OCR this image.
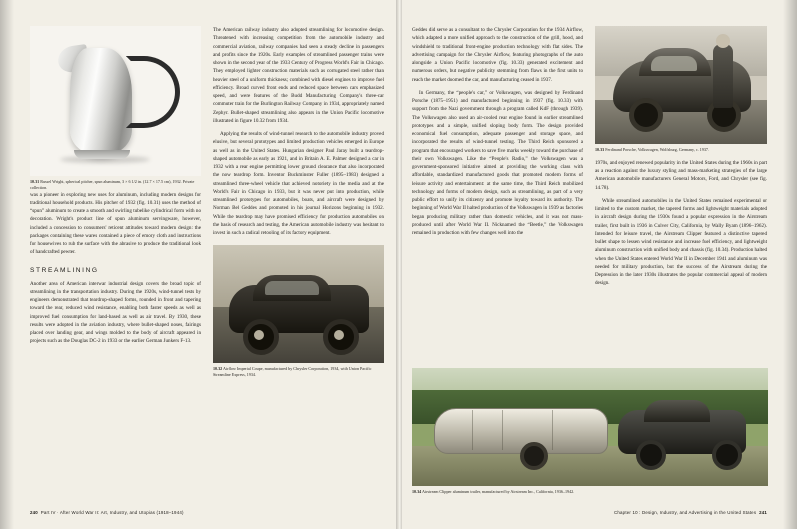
10.31 Russel Wright, spherical pitcher, spun aluminum, 3 × 6 1/2 in. (12.7 × 17.5 cm), 1932. Private collection.

was a pioneer in exploring new uses for aluminum, including modern designs for traditional household products. His pitcher of 1932 (fig. 10.31) uses the method of “spun” aluminum to create a smooth and swirling tubelike cylindrical form with no decoration. Wright's product line of spun aluminum servingware, however, included a concession to consumers' reticent attitudes toward modern design: the packages containing these wares contained a piece of emory cloth and instructions for housewives to rub the surface with the abrasive to produce the traditional look of handcrafted pewter.

STREAMLINING

Another area of American interwar industrial design covers the broad topic of streamlining in the transportation industry. During the 1920s, wind-tunnel tests by engineers demonstrated that teardrop-shaped forms, rounded in front and tapering toward the rear, reduced wind resistance, enabling both faster speeds as well as improved fuel consumption for land-based as well as air travel. By 1930, these results were adopted in the aviation industry, where bullet-shaped noses, fairings placed over landing gear, and wings molded to the body of aircraft appeared in projects such as the Douglas DC-2 in 1933 or the earlier German Junkers F-13.

The American railway industry also adopted streamlining for locomotive design. Threatened with increasing competition from the automobile industry and commercial aviation, railway companies had seen a steady decline in passengers and profits since the 1920s. Early examples of streamlined passenger trains were shown in the second year of the 1933 Century of Progress World's Fair in Chicago. They employed lighter construction materials such as corrugated steel rather than heavier steel of a uniform thickness; combined with diesel engines to improve fuel efficiency. Broad curved front ends and reduced space between cars emphasized speed, and were features of the Budd Manufacturing Company's three-car commuter train for the Burlington Railway Company in 1934, appropriately named Zephyr. Bullet-shaped streamlining also appears in the Union Pacific locomotive illustrated in figure 10.32 from 1934.

Applying the results of wind-tunnel research to the automobile industry proved elusive, but several prototypes and limited production vehicles emerged in Europe as well as in the United States. Hungarian designer Paul Jaray built a teardrop-shaped automobile as early as 1921, and in Britain A. E. Palmer designed a car in 1932 with a rear engine permitting lower ground clearance that also incorporated the now teardrop form. Inventor Buckminster Fuller (1895–1983) designed a streamlined three-wheel vehicle that achieved notoriety in the media and at the World's Fair in Chicago in 1933, but it was never put into production, while streamlined prototypes for automobiles, boats, and aircraft were designed by Norman Bel Geddes and promoted in his journal Horizons beginning in 1932. While the teardrop may have promised efficiency for production automobiles on the basis of research and testing, the American automobile industry was hesitant to invest in such a radical retooling of its factory equipment.

10.32 Airflow Imperial Coupe, manufactured by Chrysler Corporation, 1934, with Union Pacific Streamline Express, 1934.

240 Part IV · After World War II: Art, Industry, and Utopias (1918–1944)

Geddes did serve as a consultant to the Chrysler Corporation for the 1934 Airflow, which adapted a more unified approach to the construction of the grill, hood, and windshield to traditional front-engine production technology with flat sides. The advertising campaign for the Chrysler Airflow, featuring photographs of the auto alongside a Union Pacific locomotive (fig. 10.33) generated excitement and numerous orders, but negative publicity stemming from flaws in the first units to reach the market doomed the car, and manufacturing ceased in 1937.

In Germany, the “people's car,” or Volkswagen, was designed by Ferdinand Porsche (1875–1951) and manufactured beginning in 1937 (fig. 10.33) with support from the Nazi government through a program called KdF (through 1939). The Volkswagen also used an air-cooled rear engine found in earlier streamlined prototypes and a simple, unified sloping body form. The design provided economical fuel consumption, adequate passenger and storage space, and incorporated the results of wind-tunnel testing. The Third Reich sponsored a program that encouraged workers to save five marks weekly toward the purchase of their own Volkswagen. Like the “People's Radio,” the Volkswagen was a government-sponsored initiative aimed at providing the working class with affordable, standardized manufactured goods that promoted modern forms of leisure activity and entertainment: at the same time, the Third Reich mobilized technology and forms of modern design, such as streamlining, as part of a very public effort to unify its citizenry and promote loyalty toward its authority. The beginning of World War II halted production of the Volkswagen in 1939 as factories began producing military rather than domestic vehicles, and it was not mass-produced until after World War II. Nicknamed the “Beetle,” the Volkswagen remained in production with few changes well into the

10.33 Ferdinand Porsche, Volkswagen, Wolfsburg, Germany, c. 1937.

1970s, and enjoyed renewed popularity in the United States during the 1960s in part as a reaction against the luxury styling and mass-marketing strategies of the large American automobile manufacturers General Motors, Ford, and Chrysler (see fig. 14.78).

While streamlined automobiles in the United States remained experimental or limited to the custom market, the tapered forms and lightweight materials adopted in aircraft design during the 1930s found a popular expression in the Airstream trailer, first built in 1936 in Culver City, California, by Wally Byam (1896–1962). Intended for leisure travel, the Airstream Clipper featured a distinctive tapered bullet shape to lessen wind resistance and increase fuel efficiency, and lightweight aluminum construction with unified body and chassis (fig. 10.34). Production halted when the United States entered World War II in December 1941 and aluminum was needed for military production, but the success of the Airstream during the Depression in the later 1930s illustrates the popular commercial appeal of modern design.

10.34 Airstream Clipper aluminum trailer, manufactured by Airstream Inc., California, 1936–1942.

Chapter 10 : Design, Industry, and Advertising in the United States 241
